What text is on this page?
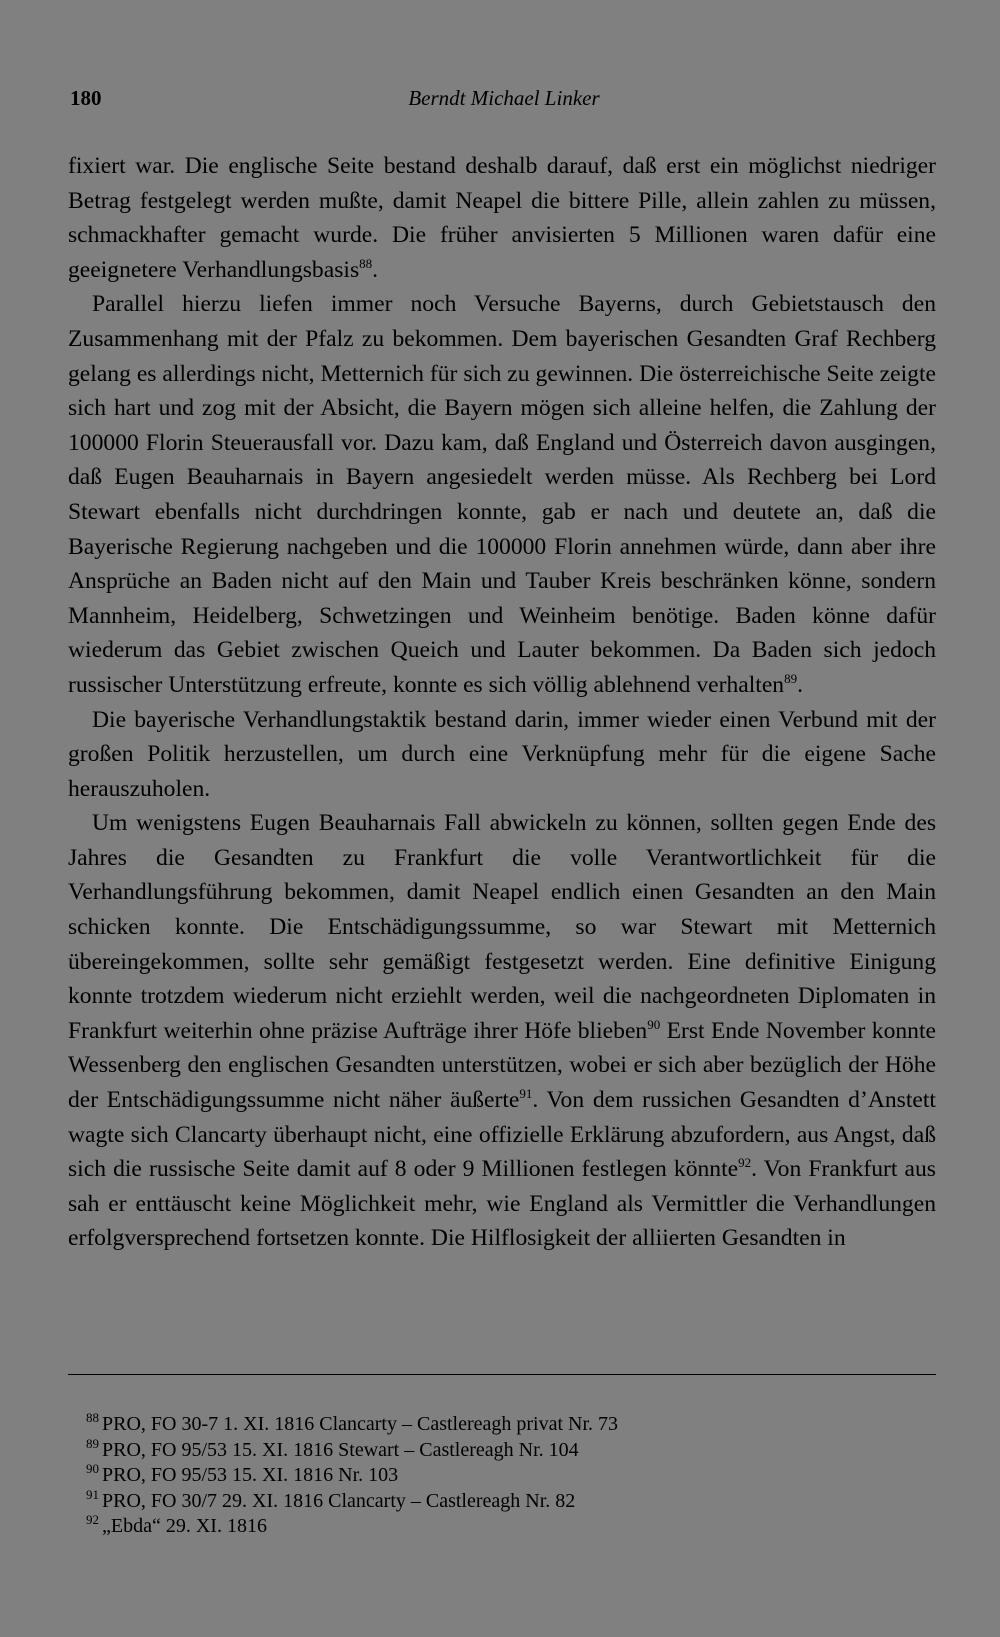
180	Berndt Michael Linker

fixiert war. Die englische Seite bestand deshalb darauf, daß erst ein möglichst niedriger Betrag festgelegt werden mußte, damit Neapel die bittere Pille, allein zahlen zu müssen, schmackhafter gemacht wurde. Die früher anvisierten 5 Millionen waren dafür eine geeignetere Verhandlungsbasis$^{88}$.

Parallel hierzu liefen immer noch Versuche Bayerns, durch Gebietstausch den Zusammenhang mit der Pfalz zu bekommen. Dem bayerischen Gesandten Graf Rechberg gelang es allerdings nicht, Metternich für sich zu gewinnen. Die österreichische Seite zeigte sich hart und zog mit der Absicht, die Bayern mögen sich alleine helfen, die Zahlung der 100000 Florin Steuerausfall vor. Dazu kam, daß England und Österreich davon ausgingen, daß Eugen Beauharnais in Bayern angesiedelt werden müsse. Als Rechberg bei Lord Stewart ebenfalls nicht durchdringen konnte, gab er nach und deutete an, daß die Bayerische Regierung nachgeben und die 100000 Florin annehmen würde, dann aber ihre Ansprüche an Baden nicht auf den Main und Tauber Kreis beschränken könne, sondern Mannheim, Heidelberg, Schwetzingen und Weinheim benötige. Baden könne dafür wiederum das Gebiet zwischen Queich und Lauter bekommen. Da Baden sich jedoch russischer Unterstützung erfreute, konnte es sich völlig ablehnend verhalten$^{89}$.

Die bayerische Verhandlungstaktik bestand darin, immer wieder einen Verbund mit der großen Politik herzustellen, um durch eine Verknüpfung mehr für die eigene Sache herauszuholen.

Um wenigstens Eugen Beauharnais Fall abwickeln zu können, sollten gegen Ende des Jahres die Gesandten zu Frankfurt die volle Verantwortlichkeit für die Verhandlungsführung bekommen, damit Neapel endlich einen Gesandten an den Main schicken konnte. Die Entschädigungssumme, so war Stewart mit Metternich übereingekommen, sollte sehr gemäßigt festgesetzt werden. Eine definitive Einigung konnte trotzdem wiederum nicht erziehlt werden, weil die nachgeordneten Diplomaten in Frankfurt weiterhin ohne präzise Aufträge ihrer Höfe blieben$^{90}$ Erst Ende November konnte Wessenberg den englischen Gesandten unterstützen, wobei er sich aber bezüglich der Höhe der Entschädigungssumme nicht näher äußerte$^{91}$. Von dem russichen Gesandten d’Anstett wagte sich Clancarty überhaupt nicht, eine offizielle Erklärung abzufordern, aus Angst, daß sich die russische Seite damit auf 8 oder 9 Millionen festlegen könnte$^{92}$. Von Frankfurt aus sah er enttäuscht keine Möglichkeit mehr, wie England als Vermittler die Verhandlungen erfolgversprechend fortsetzen konnte. Die Hilflosigkeit der alliierten Gesandten in

$^{88}$ PRO, FO 30-7 1. XI. 1816 Clancarty – Castlereagh privat Nr. 73

$^{89}$ PRO, FO 95/53 15. XI. 1816 Stewart – Castlereagh Nr. 104

$^{90}$ PRO, FO 95/53 15. XI. 1816 Nr. 103

$^{91}$ PRO, FO 30/7 29. XI. 1816 Clancarty – Castlereagh Nr. 82

$^{92}$ „Ebda“ 29. XI. 1816
